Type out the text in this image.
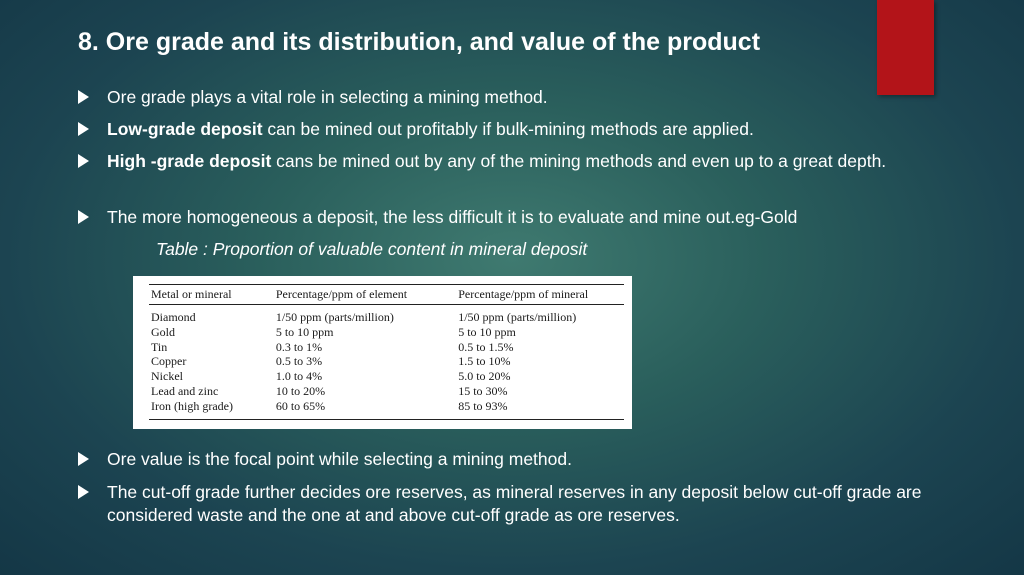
8. Ore grade and its distribution, and value of the product
Ore grade plays a vital role in selecting a mining method.
Low-grade deposit can be mined out profitably if bulk-mining methods are applied.
High -grade deposit cans be mined out by any of the mining methods and even up to a great depth.
The more homogeneous a deposit, the less difficult it is to evaluate and mine out.eg-Gold
Table : Proportion of valuable content in mineral deposit
Metal or mineral	Percentage/ppm of element	Percentage/ppm of mineral
Diamond	1/50 ppm (parts/million)	1/50 ppm (parts/million)
Gold	5 to 10 ppm	5 to 10 ppm
Tin	0.3 to 1%	0.5 to 1.5%
Copper	0.5 to 3%	1.5 to 10%
Nickel	1.0 to 4%	5.0 to 20%
Lead and zinc	10 to 20%	15 to 30%
Iron (high grade)	60 to 65%	85 to 93%
Ore value is the focal point while selecting a mining method.
The cut-off grade further decides ore reserves, as mineral reserves in any deposit below cut-off grade are considered waste and the one at and above cut-off grade as ore reserves.
